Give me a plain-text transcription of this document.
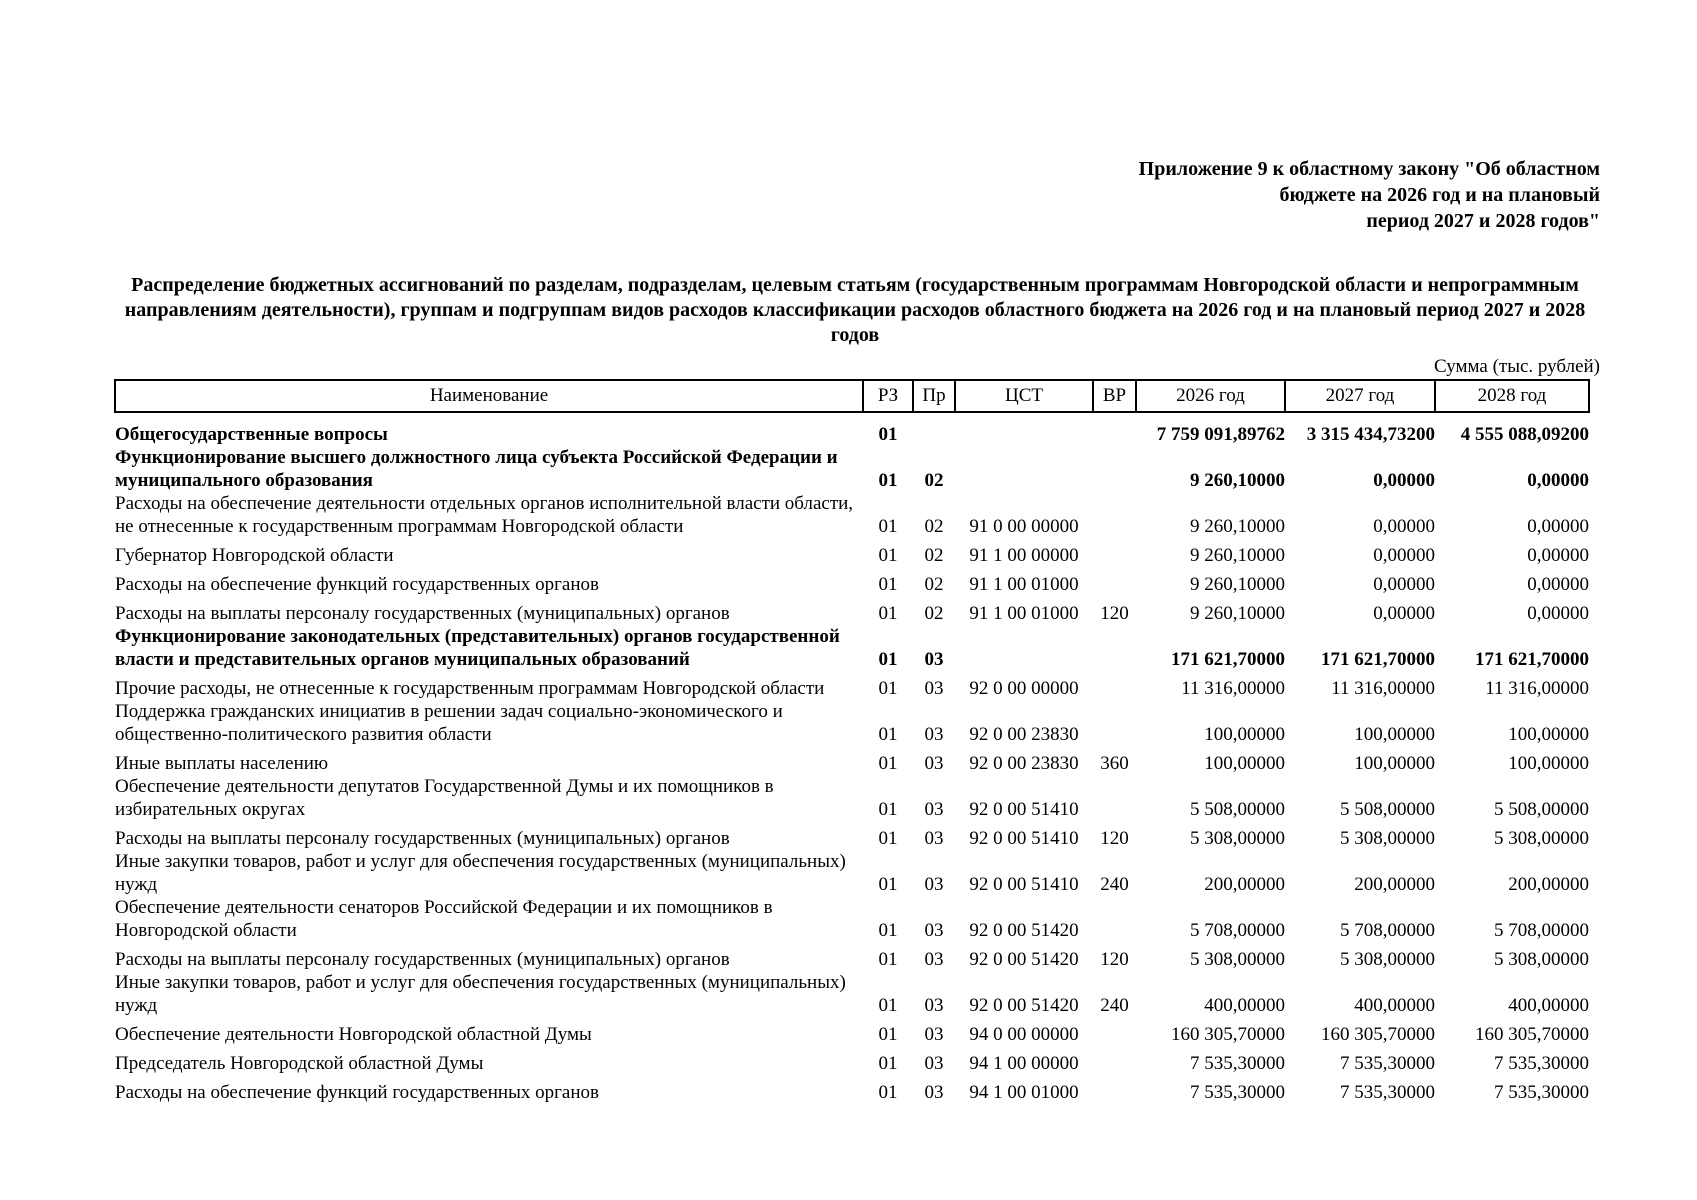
Приложение 9 к областному закону "Об областном
бюджете на 2026 год и на плановый
период 2027 и 2028 годов"
Распределение бюджетных ассигнований по разделам, подразделам, целевым статьям (государственным программам Новгородской области и непрограммным направлениям деятельности), группам и подгруппам видов расходов классификации расходов областного бюджета на 2026 год и на плановый период 2027 и 2028 годов
Сумма (тыс. рублей)
Наименование	РЗ	Пр	ЦСТ	ВР	2026 год	2027 год	2028 год
Общегосударственные вопросы	01				7 759 091,89762	3 315 434,73200	4 555 088,09200
Функционирование высшего должностного лица субъекта Российской Федерации и муниципального образования	01	02			9 260,10000	0,00000	0,00000
Расходы на обеспечение деятельности отдельных органов исполнительной власти области, не отнесенные к государственным программам Новгородской области	01	02	91 0 00 00000		9 260,10000	0,00000	0,00000
Губернатор Новгородской области	01	02	91 1 00 00000		9 260,10000	0,00000	0,00000
Расходы на обеспечение функций государственных органов	01	02	91 1 00 01000		9 260,10000	0,00000	0,00000
Расходы на выплаты персоналу государственных (муниципальных) органов	01	02	91 1 00 01000	120	9 260,10000	0,00000	0,00000
Функционирование законодательных (представительных) органов государственной власти и представительных органов муниципальных образований	01	03			171 621,70000	171 621,70000	171 621,70000
Прочие расходы, не отнесенные к государственным программам Новгородской области	01	03	92 0 00 00000		11 316,00000	11 316,00000	11 316,00000
Поддержка гражданских инициатив в решении задач социально-экономического и общественно-политического развития области	01	03	92 0 00 23830		100,00000	100,00000	100,00000
Иные выплаты населению	01	03	92 0 00 23830	360	100,00000	100,00000	100,00000
Обеспечение деятельности депутатов Государственной Думы и их помощников в избирательных округах	01	03	92 0 00 51410		5 508,00000	5 508,00000	5 508,00000
Расходы на выплаты персоналу государственных (муниципальных) органов	01	03	92 0 00 51410	120	5 308,00000	5 308,00000	5 308,00000
Иные закупки товаров, работ и услуг для обеспечения государственных (муниципальных) нужд	01	03	92 0 00 51410	240	200,00000	200,00000	200,00000
Обеспечение деятельности сенаторов Российской Федерации и их помощников в Новгородской области	01	03	92 0 00 51420		5 708,00000	5 708,00000	5 708,00000
Расходы на выплаты персоналу государственных (муниципальных) органов	01	03	92 0 00 51420	120	5 308,00000	5 308,00000	5 308,00000
Иные закупки товаров, работ и услуг для обеспечения государственных (муниципальных) нужд	01	03	92 0 00 51420	240	400,00000	400,00000	400,00000
Обеспечение деятельности Новгородской областной Думы	01	03	94 0 00 00000		160 305,70000	160 305,70000	160 305,70000
Председатель Новгородской областной Думы	01	03	94 1 00 00000		7 535,30000	7 535,30000	7 535,30000
Расходы на обеспечение функций государственных органов	01	03	94 1 00 01000		7 535,30000	7 535,30000	7 535,30000
